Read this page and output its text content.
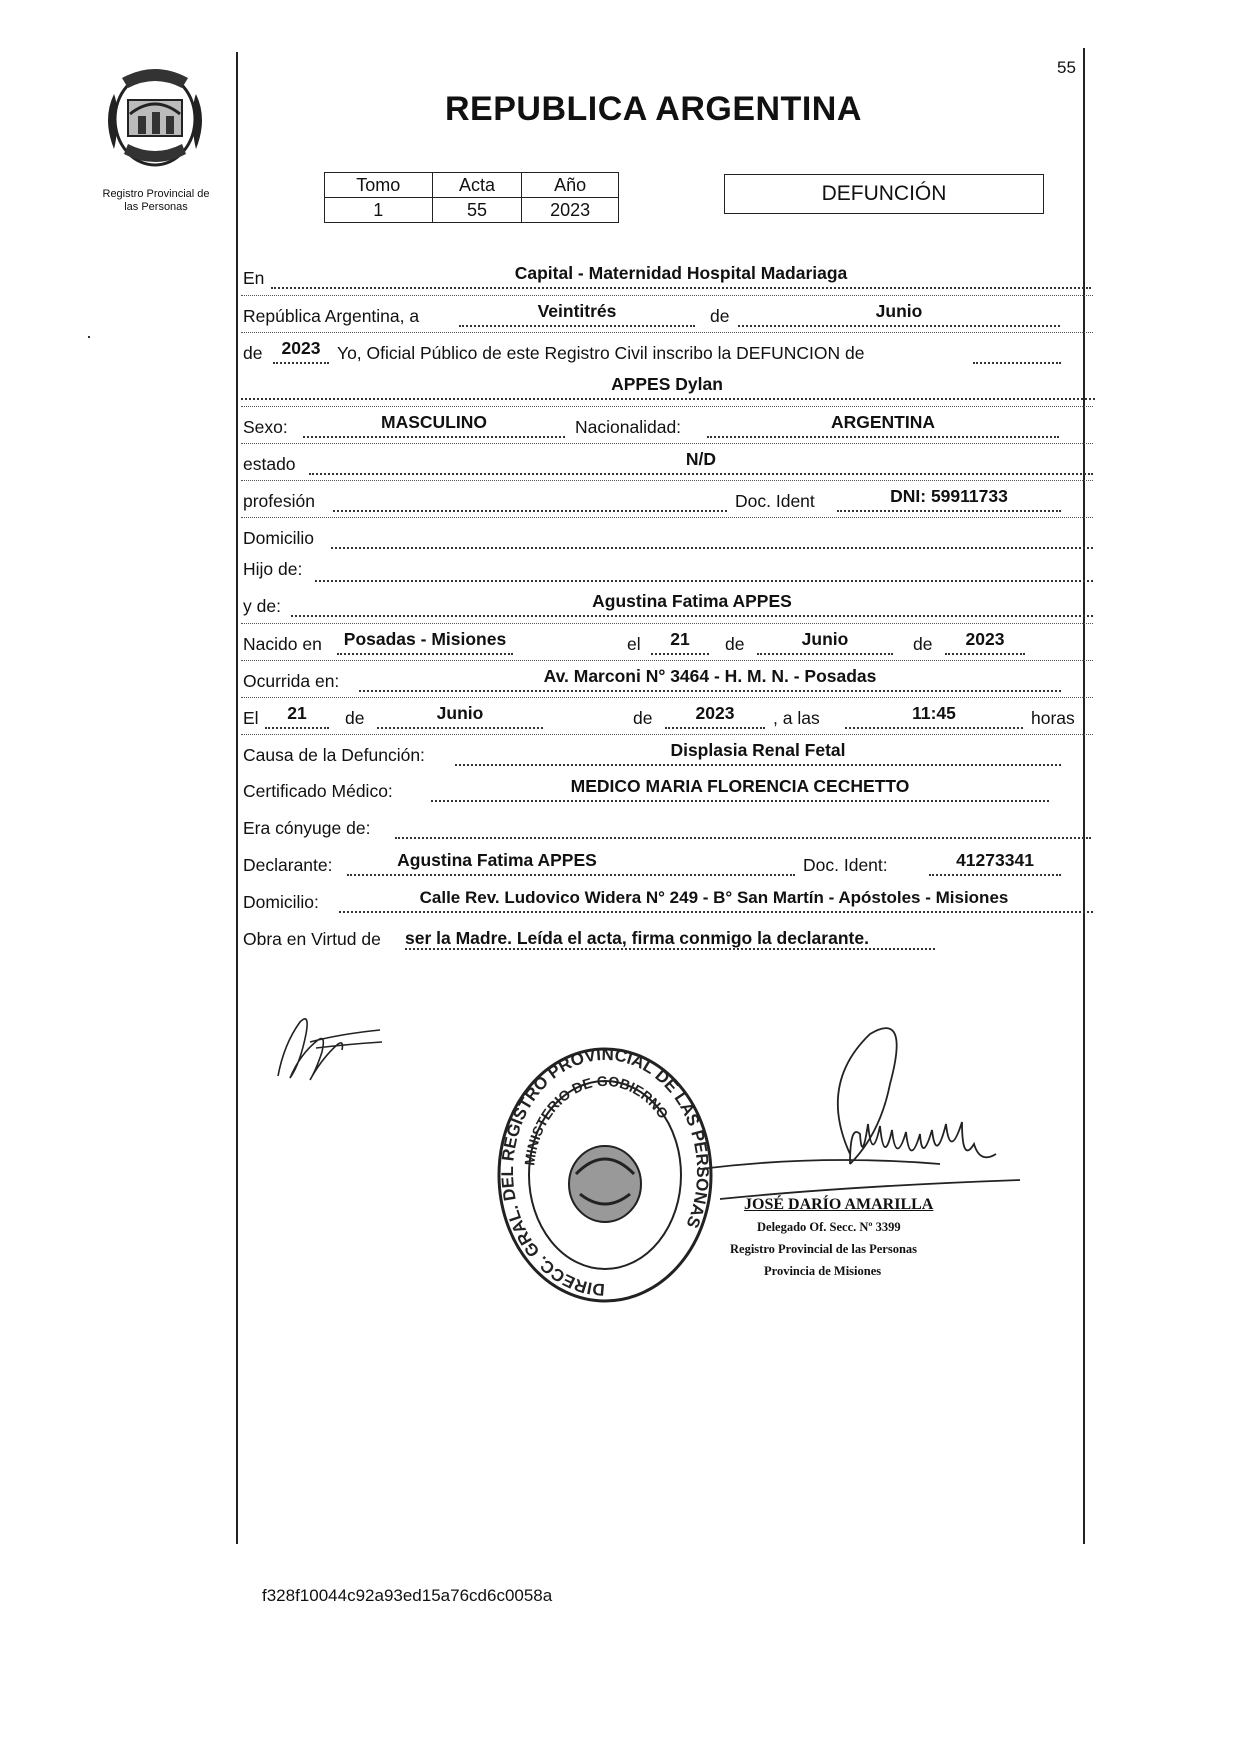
55
Registro Provincial de
las Personas
REPUBLICA ARGENTINA
Tomo	Acta	Año
1	55	2023
DEFUNCIÓN
En	Capital - Maternidad Hospital Madariaga
República Argentina, a	Veintitrés	de	Junio
de	2023 Yo, Oficial Público de este Registro Civil inscribo la DEFUNCION de
APPES Dylan
Sexo:	MASCULINO	Nacionalidad:	ARGENTINA
estado	N/D
profesión	Doc. Ident	DNI: 59911733
Domicilio
Hijo de:
y de:	Agustina Fatima APPES
Nacido en	Posadas - Misiones	el	21	de	Junio	de	2023
Ocurrida en:	Av. Marconi N° 3464 - H. M. N. - Posadas
El	21	de	Junio	de	2023	, a las	11:45	horas
Causa de la Defunción:	Displasia Renal Fetal
Certificado Médico:	MEDICO MARIA FLORENCIA CECHETTO
Era cónyuge de:
Declarante:	Agustina Fatima APPES	Doc. Ident:	41273341
Domicilio:	Calle Rev. Ludovico Widera N° 249 - B° San Martín - Apóstoles - Misiones
Obra en Virtud de ser la Madre. Leída el acta, firma conmigo la declarante.
DIRECC. GRAL. DEL REGISTRO PROVINCIAL DE LAS PERSONAS
MINISTERIO DE GOBIERNO
JOSÉ DARÍO AMARILLA
Delegado Of. Secc. Nº 3399
Registro Provincial de las Personas
Provincia de Misiones
f328f10044c92a93ed15a76cd6c0058a
